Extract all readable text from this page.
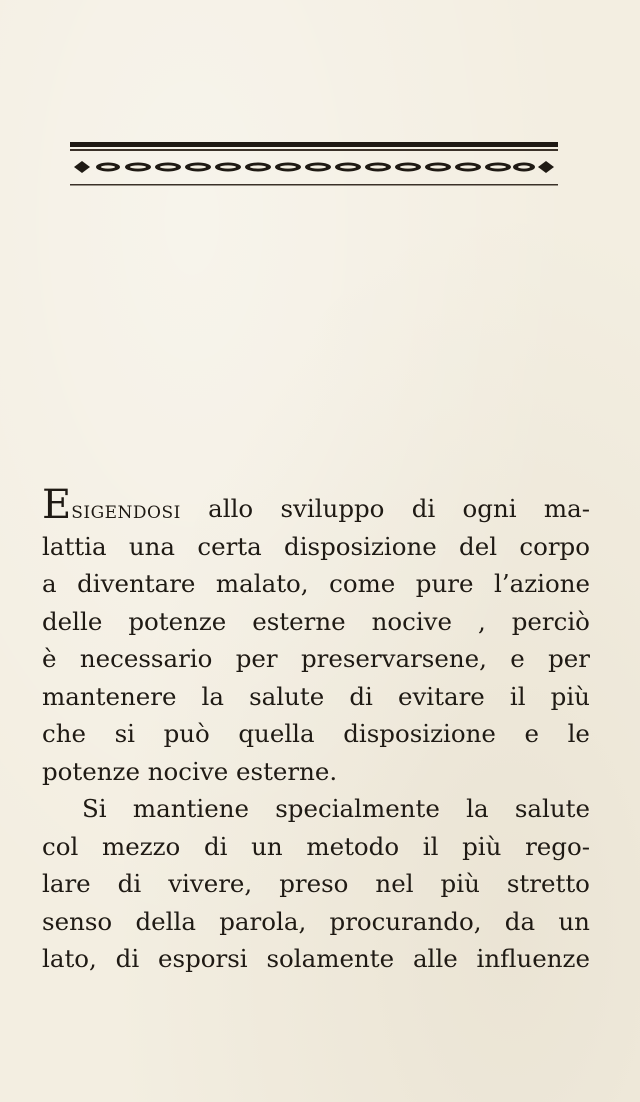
Esigendosi allo sviluppo di ogni ma-
lattia una certa disposizione del corpo
a diventare malato, come pure l’azione
delle potenze esterne nocive , perciò
è necessario per preservarsene, e per
mantenere la salute di evitare il più
che si può quella disposizione e le
potenze
nocive
esterne.
Si mantiene specialmente la salute
col mezzo di un metodo il più rego-
lare di vivere, preso nel più stretto
senso della parola, procurando, da un
lato, di esporsi solamente alle influenze
